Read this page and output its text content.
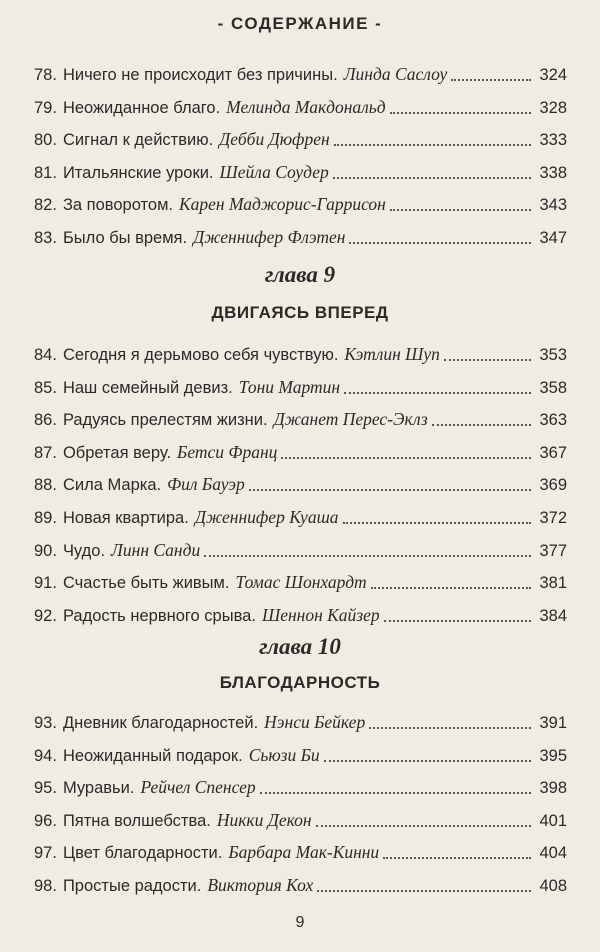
- СОДЕРЖАНИЕ -
78. Ничего не происходит без причины. Линда Саслоу	324
79. Неожиданное благо. Мелинда Макдональд	328
80. Сигнал к действию. Дебби Дюфрен	333
81. Итальянские уроки. Шейла Соудер	338
82. За поворотом. Карен Маджорис-Гаррисон	343
83. Было бы время. Дженнифер Флэтен	347
глава 9
ДВИГАЯСЬ ВПЕРЕД
84. Сегодня я дерьмово себя чувствую. Кэтлин Шуп	353
85. Наш семейный девиз. Тони Мартин	358
86. Радуясь прелестям жизни. Джанет Перес-Эклз	363
87. Обретая веру. Бетси Франц	367
88. Сила Марка. Фил Бауэр	369
89. Новая квартира. Дженнифер Куаша	372
90. Чудо. Линн Санди	377
91. Счастье быть живым. Томас Шонхардт	381
92. Радость нервного срыва. Шеннон Кайзер	384
глава 10
БЛАГОДАРНОСТЬ
93. Дневник благодарностей. Нэнси Бейкер	391
94. Неожиданный подарок. Сьюзи Би	395
95. Муравьи. Рейчел Спенсер	398
96. Пятна волшебства. Никки Декон	401
97. Цвет благодарности. Барбара Мак-Кинни	404
98. Простые радости. Виктория Кох	408
9
